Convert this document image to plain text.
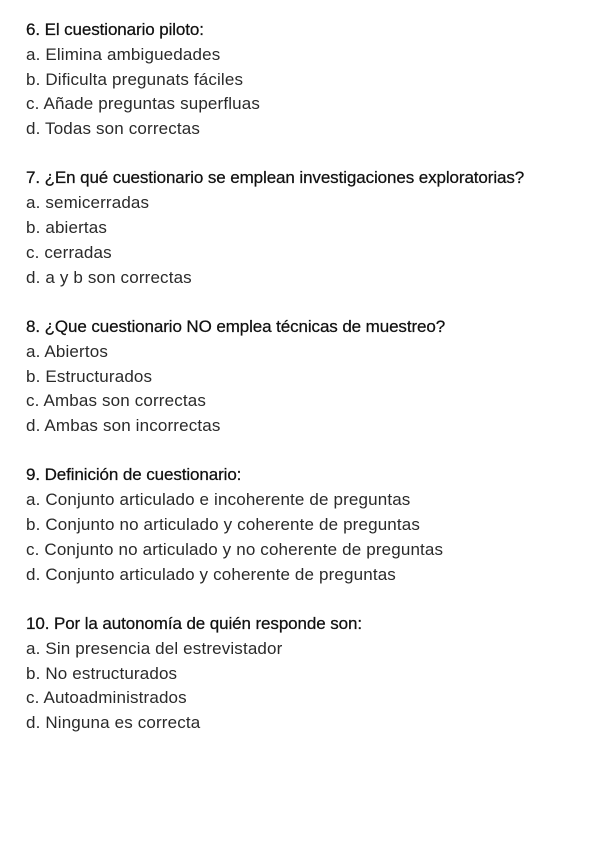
6. El cuestionario piloto:
a. Elimina ambiguedades
b. Dificulta pregunats fáciles
c. Añade preguntas superfluas
d. Todas son correctas
7. ¿En qué cuestionario se emplean investigaciones exploratorias?
a. semicerradas
b. abiertas
c. cerradas
d. a y b son correctas
8. ¿Que cuestionario NO emplea técnicas de muestreo?
a. Abiertos
b. Estructurados
c. Ambas son correctas
d. Ambas son incorrectas
9. Definición de cuestionario:
a. Conjunto articulado e incoherente de preguntas
b. Conjunto no articulado y coherente de preguntas
c. Conjunto no articulado y no coherente de preguntas
d. Conjunto articulado y coherente de preguntas
10. Por la autonomía de quién responde son:
a. Sin presencia del estrevistador
b. No estructurados
c. Autoadministrados
d. Ninguna es correcta
